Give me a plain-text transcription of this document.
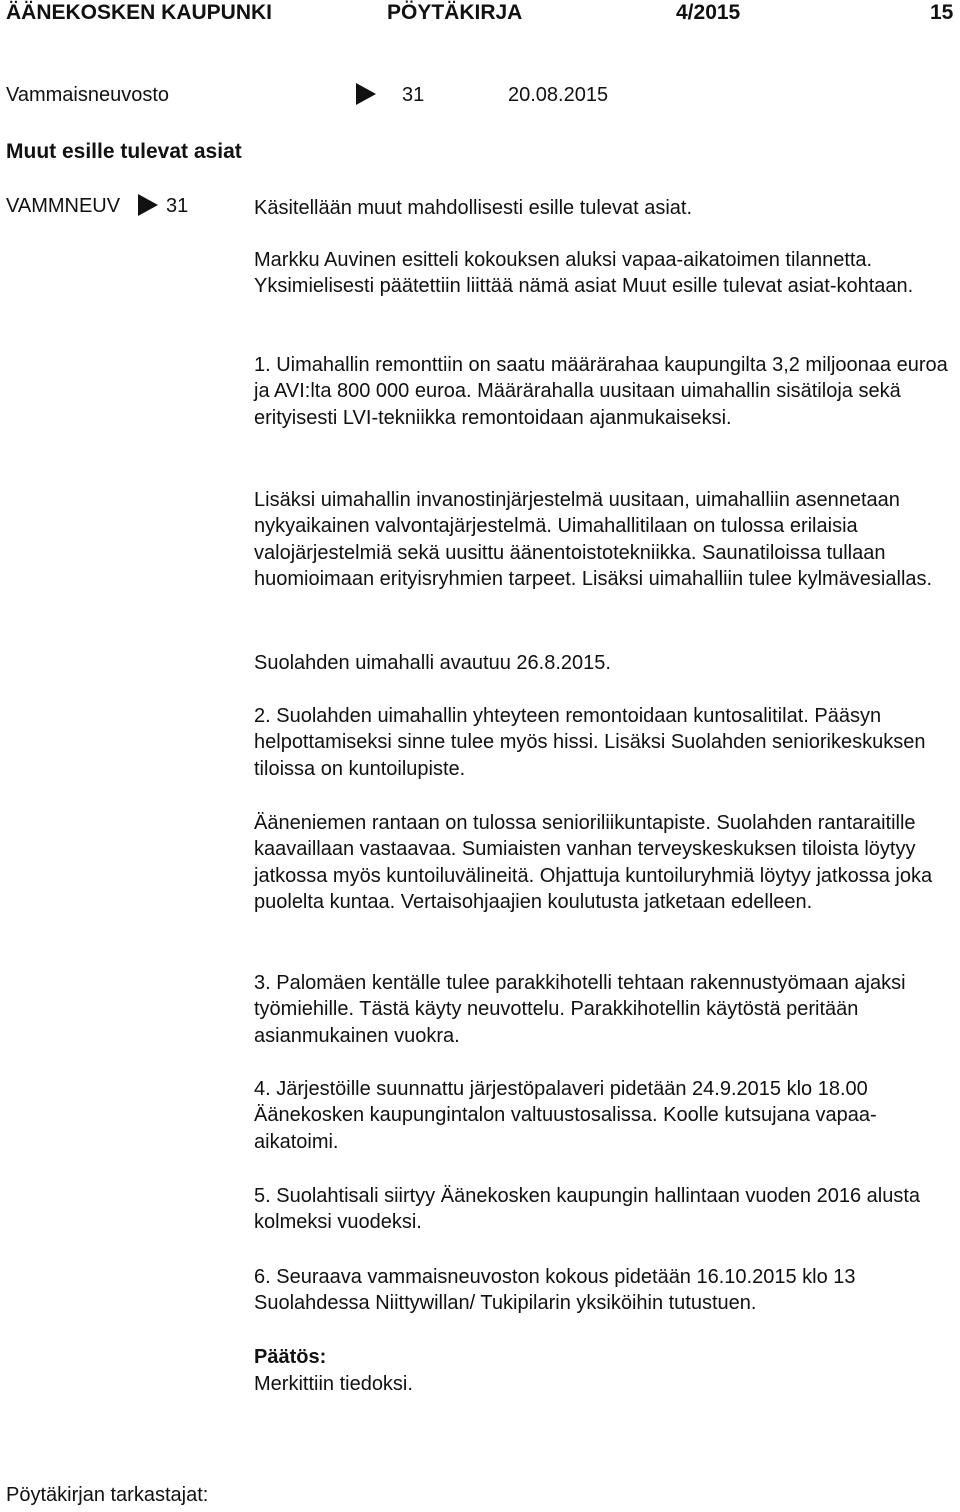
ÄÄNEKOSKEN KAUPUNKI	PÖYTÄKIRJA	4/2015	15
Vammaisneuvosto	31	20.08.2015
Muut esille tulevat asiat
VAMMNEUV 31	Käsitellään muut mahdollisesti esille tulevat asiat.

Markku Auvinen esitteli kokouksen aluksi vapaa-aikatoimen tilannetta. Yksimielisesti päätettiin liittää nämä asiat Muut esille tulevat asiat-kohtaan.

1. Uimahallin remonttiin on saatu määrärahaa kaupungilta 3,2 miljoonaa euroa ja AVI:lta 800 000 euroa. Määrärahalla uusitaan uimahallin sisätiloja sekä erityisesti LVI-tekniikka remontoidaan ajanmukaiseksi.

Lisäksi uimahallin invanostinjärjestelmä uusitaan, uimahalliin asennetaan nykyaikainen valvontajärjestelmä. Uimahallitilaan on tulossa erilaisia valojärjestelmiä sekä uusittu äänentoistotekniikka. Saunatiloissa tullaan huomioimaan erityisryhmien tarpeet. Lisäksi uimahalliin tulee kylmävesiallas.

Suolahden uimahalli avautuu 26.8.2015.

2. Suolahden uimahallin yhteyteen remontoidaan kuntosalitilat. Pääsyn helpottamiseksi sinne tulee myös hissi. Lisäksi Suolahden seniorikeskuksen tiloissa on kuntoilupiste.

Ääneniemen rantaan on tulossa senioriliikuntapiste. Suolahden rantaraitille kaavaillaan vastaavaa. Sumiaisten vanhan terveyskeskuksen tiloista löytyy jatkossa myös kuntoiluvälineitä. Ohjattuja kuntoiluryhmiä löytyy jatkossa joka puolelta kuntaa. Vertaisohjaajien koulutusta jatketaan edelleen.

3. Palomäen kentälle tulee parakkihotelli tehtaan rakennustyömaan ajaksi työmiehille. Tästä käyty neuvottelu. Parakkihotellin käytöstä peritään asianmukainen vuokra.

4. Järjestöille suunnattu järjestöpalaveri pidetään 24.9.2015 klo 18.00 Äänekosken kaupungintalon valtuustosalissa. Koolle kutsujana vapaa-aikatoimi.

5. Suolahtisali siirtyy Äänekosken kaupungin hallintaan vuoden 2016 alusta kolmeksi vuodeksi.

6. Seuraava vammaisneuvoston kokous pidetään 16.10.2015 klo 13 Suolahdessa Niittywillan/ Tukipilarin yksiköihin tutustuen.

Päätös:
Merkittiin tiedoksi.
Pöytäkirjan tarkastajat:
